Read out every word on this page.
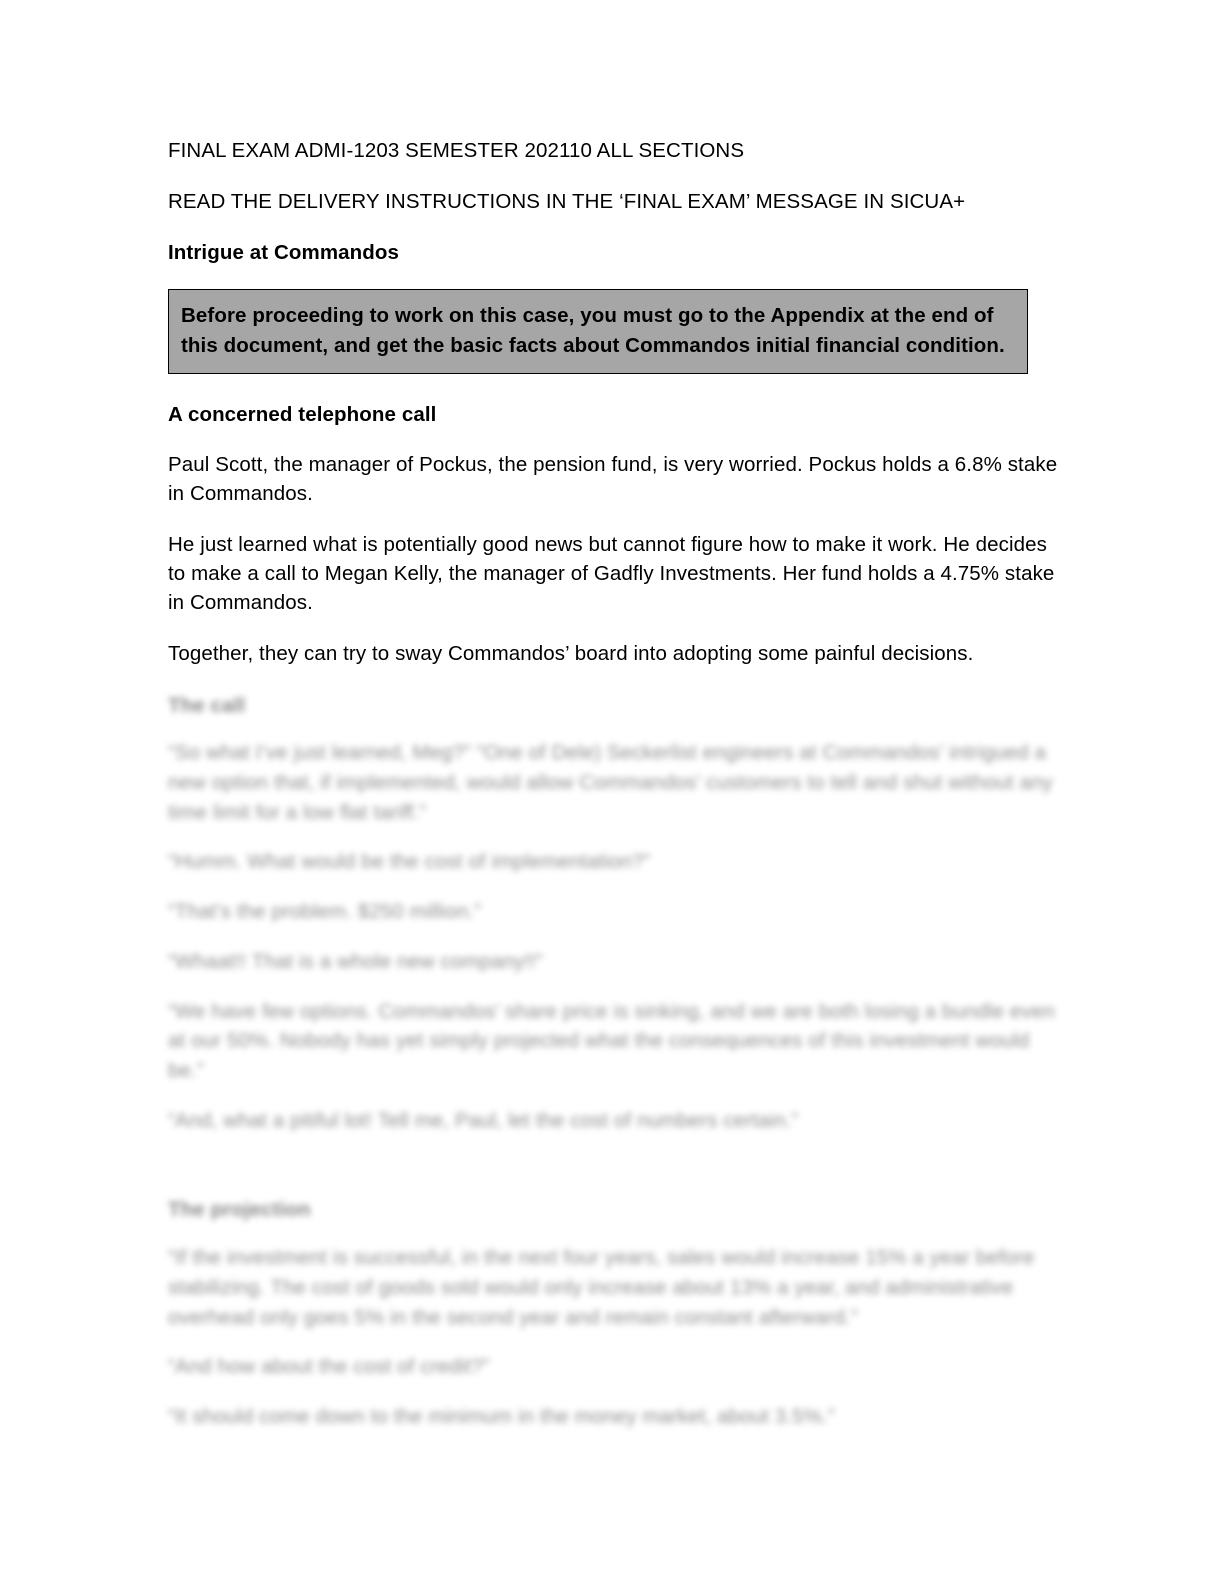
FINAL EXAM ADMI-1203 SEMESTER 202110 ALL SECTIONS

READ THE DELIVERY INSTRUCTIONS IN THE ‘FINAL EXAM’ MESSAGE IN SICUA+

Intrigue at Commandos

Before proceeding to work on this case, you must go to the Appendix at the end of this document, and get the basic facts about Commandos initial financial condition.

A concerned telephone call

Paul Scott, the manager of Pockus, the pension fund, is very worried. Pockus holds a 6.8% stake in Commandos.

He just learned what is potentially good news but cannot figure how to make it work. He decides to make a call to Megan Kelly, the manager of Gadfly Investments. Her fund holds a 4.75% stake in Commandos.

Together, they can try to sway Commandos’ board into adopting some painful decisions.

The call

“So what I’ve just learned, Meg?” “One of Dele) Seckerlist engineers at Commandos’ intrigued a new option that, if implemented, would allow Commandos’ customers to tell and shut without any time limit for a low flat tariff.”

“Humm. What would be the cost of implementation?”

“That’s the problem. $250 million.”

“Whaat!! That is a whole new company!!”

“We have few options. Commandos’ share price is sinking, and we are both losing a bundle even at our 50%. Nobody has yet simply projected what the consequences of this investment would be.”

“And, what a pitiful lot! Tell me, Paul, let the cost of numbers certain.”

The projection

“If the investment is successful, in the next four years, sales would increase 15% a year before stabilizing. The cost of goods sold would only increase about 13% a year, and administrative overhead only goes 5% in the second year and remain constant afterward.”

“And how about the cost of credit?”

“It should come down to the minimum in the money market, about 3.5%.”
